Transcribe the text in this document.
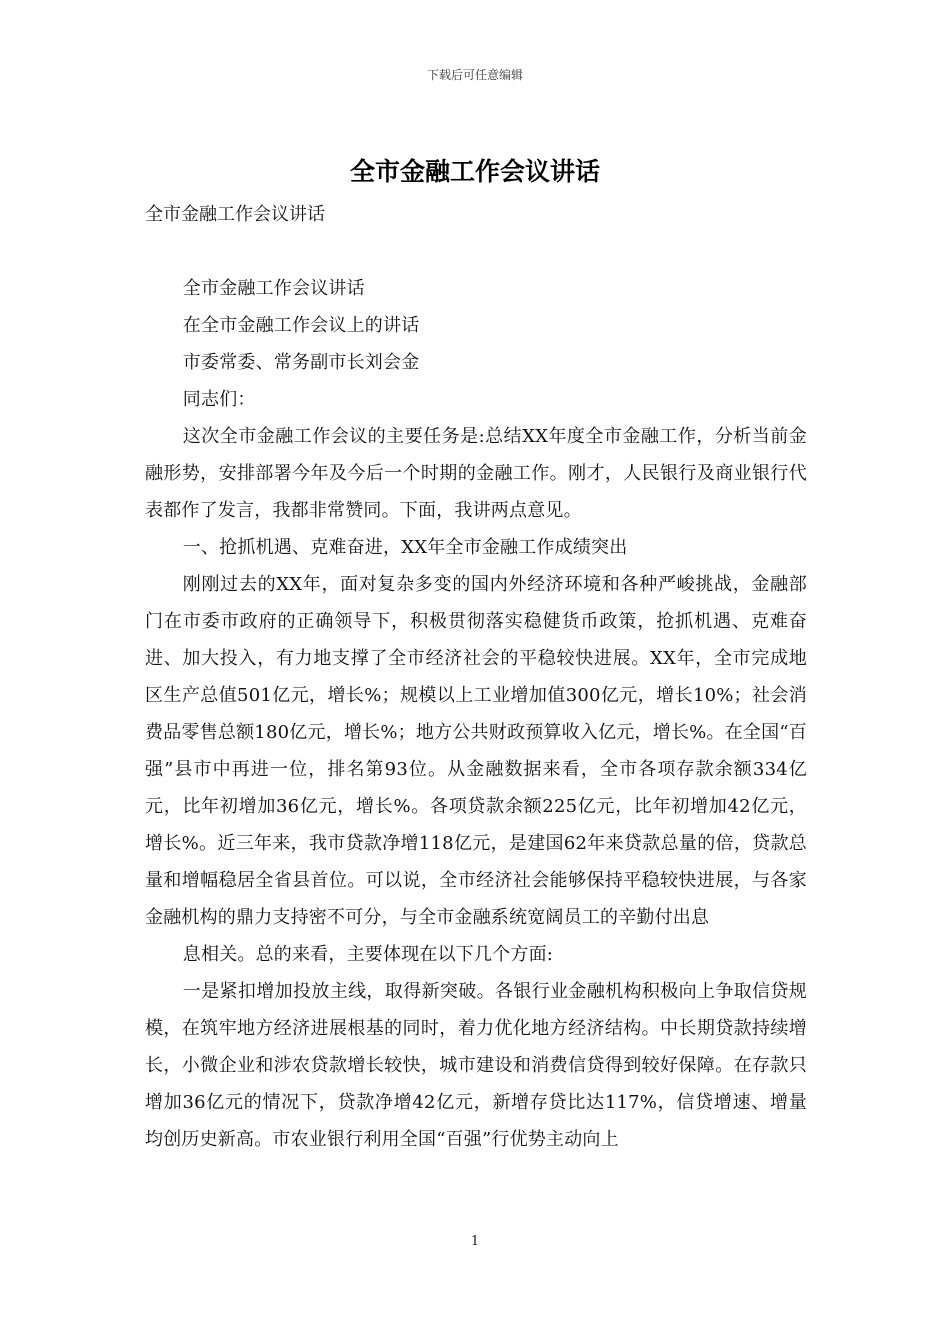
下载后可任意编辑
全市金融工作会议讲话

全市金融工作会议讲话

全市金融工作会议讲话

在全市金融工作会议上的讲话

市委常委、常务副市长刘会金

同志们：

这次全市金融工作会议的主要任务是:总结XX年度全市金融工作，分析当前金融形势，安排部署今年及今后一个时期的金融工作。刚才，人民银行及商业银行代表都作了发言，我都非常赞同。下面，我讲两点意见。

一、抢抓机遇、克难奋进，XX年全市金融工作成绩突出

刚刚过去的XX年，面对复杂多变的国内外经济环境和各种严峻挑战，金融部门在市委市政府的正确领导下，积极贯彻落实稳健货币政策，抢抓机遇、克难奋进、加大投入，有力地支撑了全市经济社会的平稳较快进展。XX年，全市完成地区生产总值501亿元，增长%；规模以上工业增加值300亿元，增长10%；社会消费品零售总额180亿元，增长%；地方公共财政预算收入亿元，增长%。在全国“百强”县市中再进一位，排名第93位。从金融数据来看，全市各项存款余额334亿元，比年初增加36亿元，增长%。各项贷款余额225亿元，比年初增加42亿元，增长%。近三年来，我市贷款净增118亿元，是建国62年来贷款总量的倍，贷款总量和增幅稳居全省县首位。可以说，全市经济社会能够保持平稳较快进展，与各家金融机构的鼎力支持密不可分，与全市金融系统宽阔员工的辛勤付出息

息相关。总的来看，主要体现在以下几个方面:

一是紧扣增加投放主线，取得新突破。各银行业金融机构积极向上争取信贷规模，在筑牢地方经济进展根基的同时，着力优化地方经济结构。中长期贷款持续增长，小微企业和涉农贷款增长较快，城市建设和消费信贷得到较好保障。在存款只增加36亿元的情况下，贷款净增42亿元，新增存贷比达117%，信贷增速、增量均创历史新高。市农业银行利用全国“百强”行优势主动向上

1
